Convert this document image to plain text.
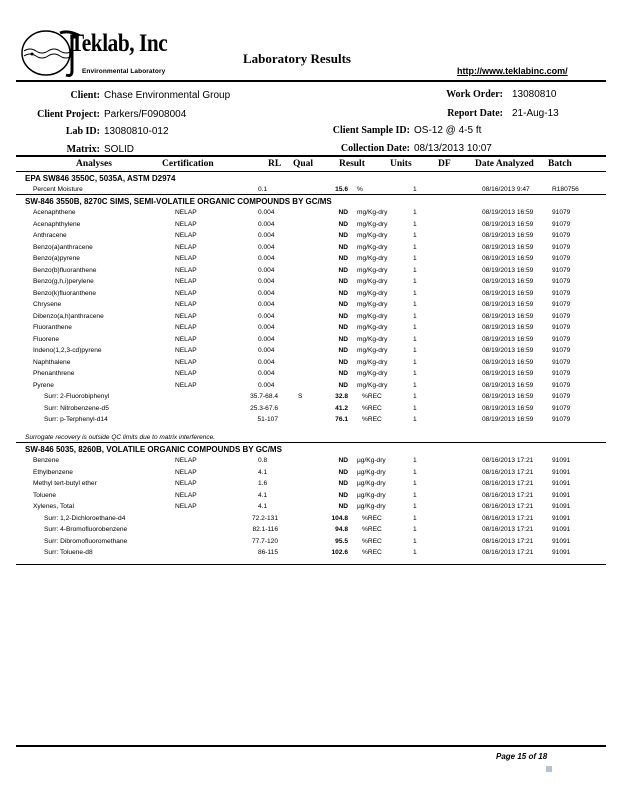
Teklab, Inc
Environmental Laboratory
Laboratory Results
http://www.teklabinc.com/
Client: Chase Environmental Group
Client Project: Parkers/F0908004
Lab ID: 13080810-012
Matrix: SOLID
Work Order: 13080810
Report Date: 21-Aug-13
Client Sample ID: OS-12 @ 4-5 ft
Collection Date: 08/13/2013 10:07
Analyses	Certification	RL Qual	Result	Units	DF	Date Analyzed Batch
EPA SW846 3550C, 5035A, ASTM D2974
Percent Moisture	0.1	15.6 %	1	08/16/2013 9:47	R180756
SW-846 3550B, 8270C SIMS, SEMI-VOLATILE ORGANIC COMPOUNDS BY GC/MS
Acenaphthene	NELAP	0.004	ND mg/Kg-dry	1	08/19/2013 16:59	91079
Acenaphthylene	NELAP	0.004	ND mg/Kg-dry	1	08/19/2013 16:59	91079
Anthracene	NELAP	0.004	ND mg/Kg-dry	1	08/19/2013 16:59	91079
Benzo(a)anthracene	NELAP	0.004	ND mg/Kg-dry	1	08/19/2013 16:59	91079
Benzo(a)pyrene	NELAP	0.004	ND mg/Kg-dry	1	08/19/2013 16:59	91079
Benzo(b)fluoranthene	NELAP	0.004	ND mg/Kg-dry	1	08/19/2013 16:59	91079
Benzo(g,h,i)perylene	NELAP	0.004	ND mg/Kg-dry	1	08/19/2013 16:59	91079
Benzo(k)fluoranthene	NELAP	0.004	ND mg/Kg-dry	1	08/19/2013 16:59	91079
Chrysene	NELAP	0.004	ND mg/Kg-dry	1	08/19/2013 16:59	91079
Dibenzo(a,h)anthracene	NELAP	0.004	ND mg/Kg-dry	1	08/19/2013 16:59	91079
Fluoranthene	NELAP	0.004	ND mg/Kg-dry	1	08/19/2013 16:59	91079
Fluorene	NELAP	0.004	ND mg/Kg-dry	1	08/19/2013 16:59	91079
Indeno(1,2,3-cd)pyrene	NELAP	0.004	ND mg/Kg-dry	1	08/19/2013 16:59	91079
Naphthalene	NELAP	0.004	ND mg/Kg-dry	1	08/19/2013 16:59	91079
Phenanthrene	NELAP	0.004	ND mg/Kg-dry	1	08/19/2013 16:59	91079
Pyrene	NELAP	0.004	ND mg/Kg-dry	1	08/19/2013 16:59	91079
Surr: 2-Fluorobiphenyl	35.7-68.4	S	32.8 %REC	1	08/19/2013 16:59	91079
Surr: Nitrobenzene-d5	25.3-67.6	41.2 %REC	1	08/19/2013 16:59	91079
Surr: p-Terphenyl-d14	51-107	76.1 %REC	1	08/19/2013 16:59	91079
Surrogate recovery is outside QC limits due to matrix interference.
SW-846 5035, 8260B, VOLATILE ORGANIC COMPOUNDS BY GC/MS
Benzene	NELAP	0.8	ND µg/Kg-dry	1	08/16/2013 17:21	91091
Ethylbenzene	NELAP	4.1	ND µg/Kg-dry	1	08/16/2013 17:21	91091
Methyl tert-butyl ether	NELAP	1.6	ND µg/Kg-dry	1	08/16/2013 17:21	91091
Toluene	NELAP	4.1	ND µg/Kg-dry	1	08/16/2013 17:21	91091
Xylenes, Total	NELAP	4.1	ND µg/Kg-dry	1	08/16/2013 17:21	91091
Surr: 1,2-Dichloroethane-d4	72.2-131	104.8 %REC	1	08/16/2013 17:21	91091
Surr: 4-Bromofluorobenzene	82.1-116	94.8 %REC	1	08/16/2013 17:21	91091
Surr: Dibromofluoromethane	77.7-120	95.5 %REC	1	08/16/2013 17:21	91091
Surr: Toluene-d8	86-115	102.6 %REC	1	08/16/2013 17:21	91091
Page 15 of 18
